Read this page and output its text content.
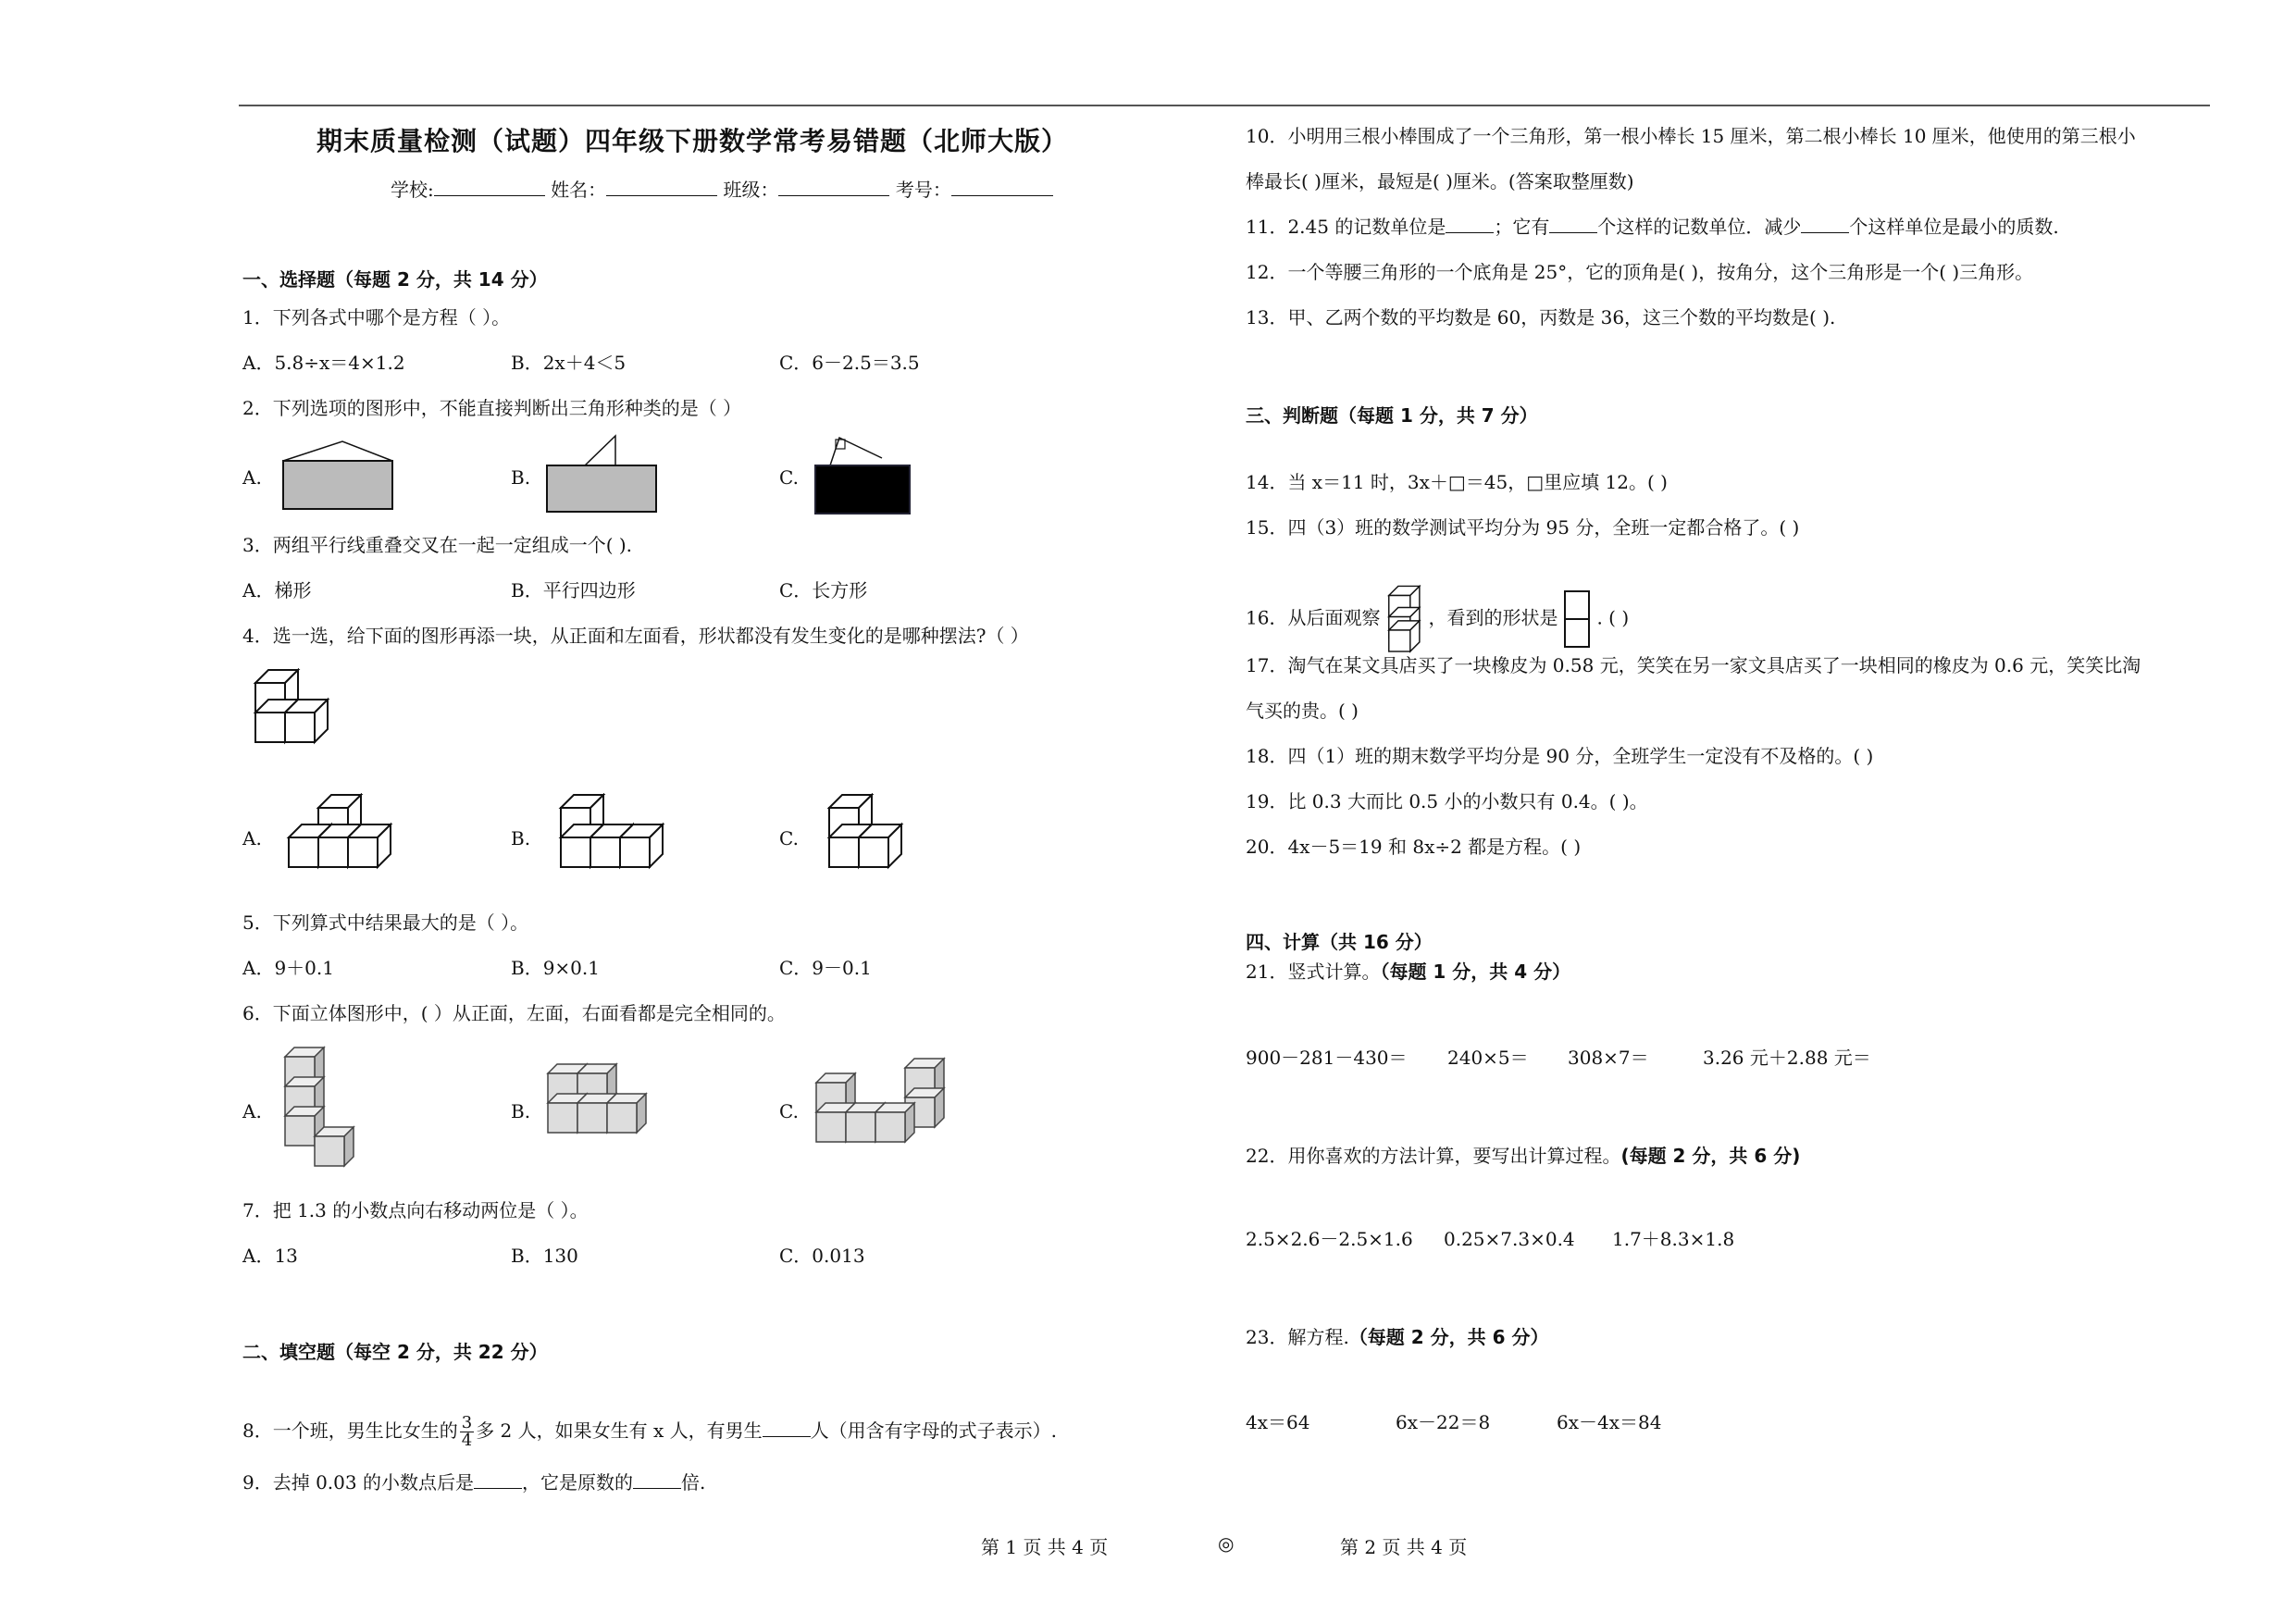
期末质量检测（试题）四年级下册数学常考易错题（北师大版）
学校:	姓名：	班级：	考号：
一、选择题（每题 2 分，共 14 分）
1．下列各式中哪个是方程（ ）。
A．5.8÷x＝4×1.2	B．2x＋4＜5	C．6－2.5＝3.5
2．下列选项的图形中，不能直接判断出三角形种类的是（ ）
A.	B.	C.
3．两组平行线重叠交叉在一起一定组成一个( ).
A．梯形	B．平行四边形	C．长方形
4．选一选，给下面的图形再添一块，从正面和左面看，形状都没有发生变化的是哪种摆法?（ ）
A.	B.	C.
5．下列算式中结果最大的是（ ）。
A．9＋0.1	B．9×0.1	C．9－0.1
6．下面立体图形中，( ）从正面，左面，右面看都是完全相同的。
A.	B.	C.
7．把 1.3 的小数点向右移动两位是（ ）。
A．13	B．130	C．0.013
二、填空题（每空 2 分，共 22 分）
8．一个班，男生比女生的 $\frac{3}{4}$ 多 2 人，如果女生有 x 人，有男生	人（用含有字母的式子表示）.
9．去掉 0.03 的小数点后是	，它是原数的	倍.
10．小明用三根小棒围成了一个三角形，第一根小棒长 15 厘米，第二根小棒长 10 厘米，他使用的第三根小
棒最长( )厘米，最短是( )厘米。(答案取整厘数)
11．2.45 的记数单位是	；它有	个这样的记数单位．减少	个这样单位是最小的质数.
12．一个等腰三角形的一个底角是 25°，它的顶角是( )，按角分，这个三角形是一个( )三角形。
13．甲、乙两个数的平均数是 60，丙数是 36，这三个数的平均数是( ).
三、判断题（每题 1 分，共 7 分）
14．当 x＝11 时，3x＋□＝45，□里应填 12。( )
15．四（3）班的数学测试平均分为 95 分，全班一定都合格了。( )
16．从后面观察	，看到的形状是 . ( )
17．淘气在某文具店买了一块橡皮为 0.58 元，笑笑在另一家文具店买了一块相同的橡皮为 0.6 元，笑笑比淘
气买的贵。( )
18．四（1）班的期末数学平均分是 90 分，全班学生一定没有不及格的。( )
19．比 0.3 大而比 0.5 小的小数只有 0.4。( )。
20．4x－5＝19 和 8x÷2 都是方程。( )
四、计算（共 16 分）
21．竖式计算。（每题 1 分，共 4 分）
900－281－430＝ 240×5＝ 308×7＝	3.26 元＋2.88 元＝
22．用你喜欢的方法计算，要写出计算过程。(每题 2 分，共 6 分)
2.5×2.6－2.5×1.6 0.25×7.3×0.4 1.7＋8.3×1.8
23．解方程.（每题 2 分，共 6 分）
4x＝64	6x－22＝8	6x－4x＝84
第 1 页 共 4 页	◎	第 2 页 共 4 页
